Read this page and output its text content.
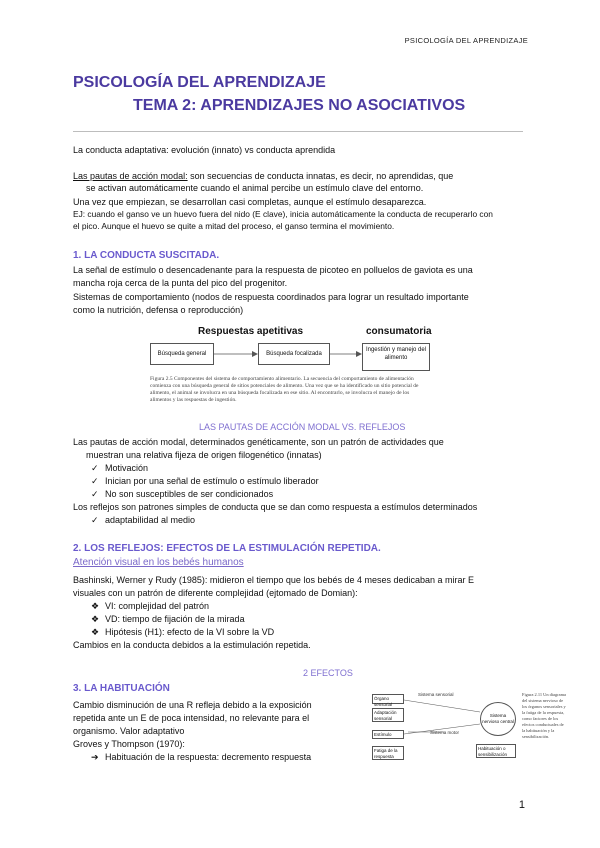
PSICOLOGÍA DEL APRENDIZAJE
PSICOLOGÍA DEL APRENDIZAJE
TEMA 2: APRENDIZAJES NO ASOCIATIVOS
La conducta adaptativa: evolución (innato) vs conducta aprendida
Las pautas de acción modal: son secuencias de conducta innatas, es decir, no aprendidas, que
se activan automáticamente cuando el animal percibe un estímulo clave del entorno.
Una vez que empiezan, se desarrollan casi completas, aunque el estímulo desaparezca.
EJ: cuando el ganso ve un huevo fuera del nido (E clave), inicia automáticamente la conducta de recuperarlo con
el pico. Aunque el huevo se quite a mitad del proceso, el ganso termina el movimiento.
1. LA CONDUCTA SUSCITADA.
La señal de estímulo o desencadenante para la respuesta de picoteo en polluelos de gaviota es una
mancha roja cerca de la punta del pico del progenitor.
Sistemas de comportamiento (nodos de respuesta coordinados para lograr un resultado importante
como la nutrición, defensa o reproducción)
Respuestas apetitivas	consumatoria
Búsqueda general	Búsqueda focalizada
Ingestión y manejo del alimento
Figura 2.5 Componentes del sistema de comportamiento alimentario. La secuencia del comportamiento de alimentación comienza con una búsqueda general de sitios potenciales de alimento. Una vez que se ha identificado un sitio potencial de alimento, el animal se involucra en una búsqueda focalizada en ese sitio. Al encontrarlo, se involucra el manejo de los alimentos y las respuestas de ingestión.
LAS PAUTAS DE ACCIÓN MODAL VS. REFLEJOS
Las pautas de acción modal, determinados genéticamente, son un patrón de actividades que
muestran una relativa fijeza de origen filogenético (innatas)
✓ Motivación
✓ Inician por una señal de estímulo o estímulo liberador
✓ No son susceptibles de ser condicionados
Los reflejos son patrones simples de conducta que se dan como respuesta a estímulos determinados
✓ adaptabilidad al medio
2. LOS REFLEJOS: EFECTOS DE LA ESTIMULACIÓN REPETIDA.
Atención visual en los bebés humanos
Bashinski, Werner y Rudy (1985): midieron el tiempo que los bebés de 4 meses dedicaban a mirar E
visuales con un patrón de diferente complejidad (ejtomado de Domian):
❖ VI: complejidad del patrón
❖ VD: tiempo de fijación de la mirada
❖ Hipótesis (H1): efecto de la VI sobre la VD
Cambios en la conducta debidos a la estimulación repetida.
2 EFECTOS
3. LA HABITUACIÓN
Cambio disminución de una R refleja debido a la exposición
repetida ante un E de poca intensidad, no relevante para el
organismo. Valor adaptativo
Groves y Thompson (1970):
➔ Habituación de la respuesta: decremento respuesta
Órgano sensorial
Sistema sensorial
Adaptación sensorial
Estímulo
Fatiga de la respuesta
Sistema motor
Sistema nervioso central
Habituación o sensibilización
Figura 2.11 Un diagrama del sistema nervioso de los órganos sensoriales y la fatiga de la respuesta, como factores de los efectos conductuales de la habituación y la sensibilización.
1
